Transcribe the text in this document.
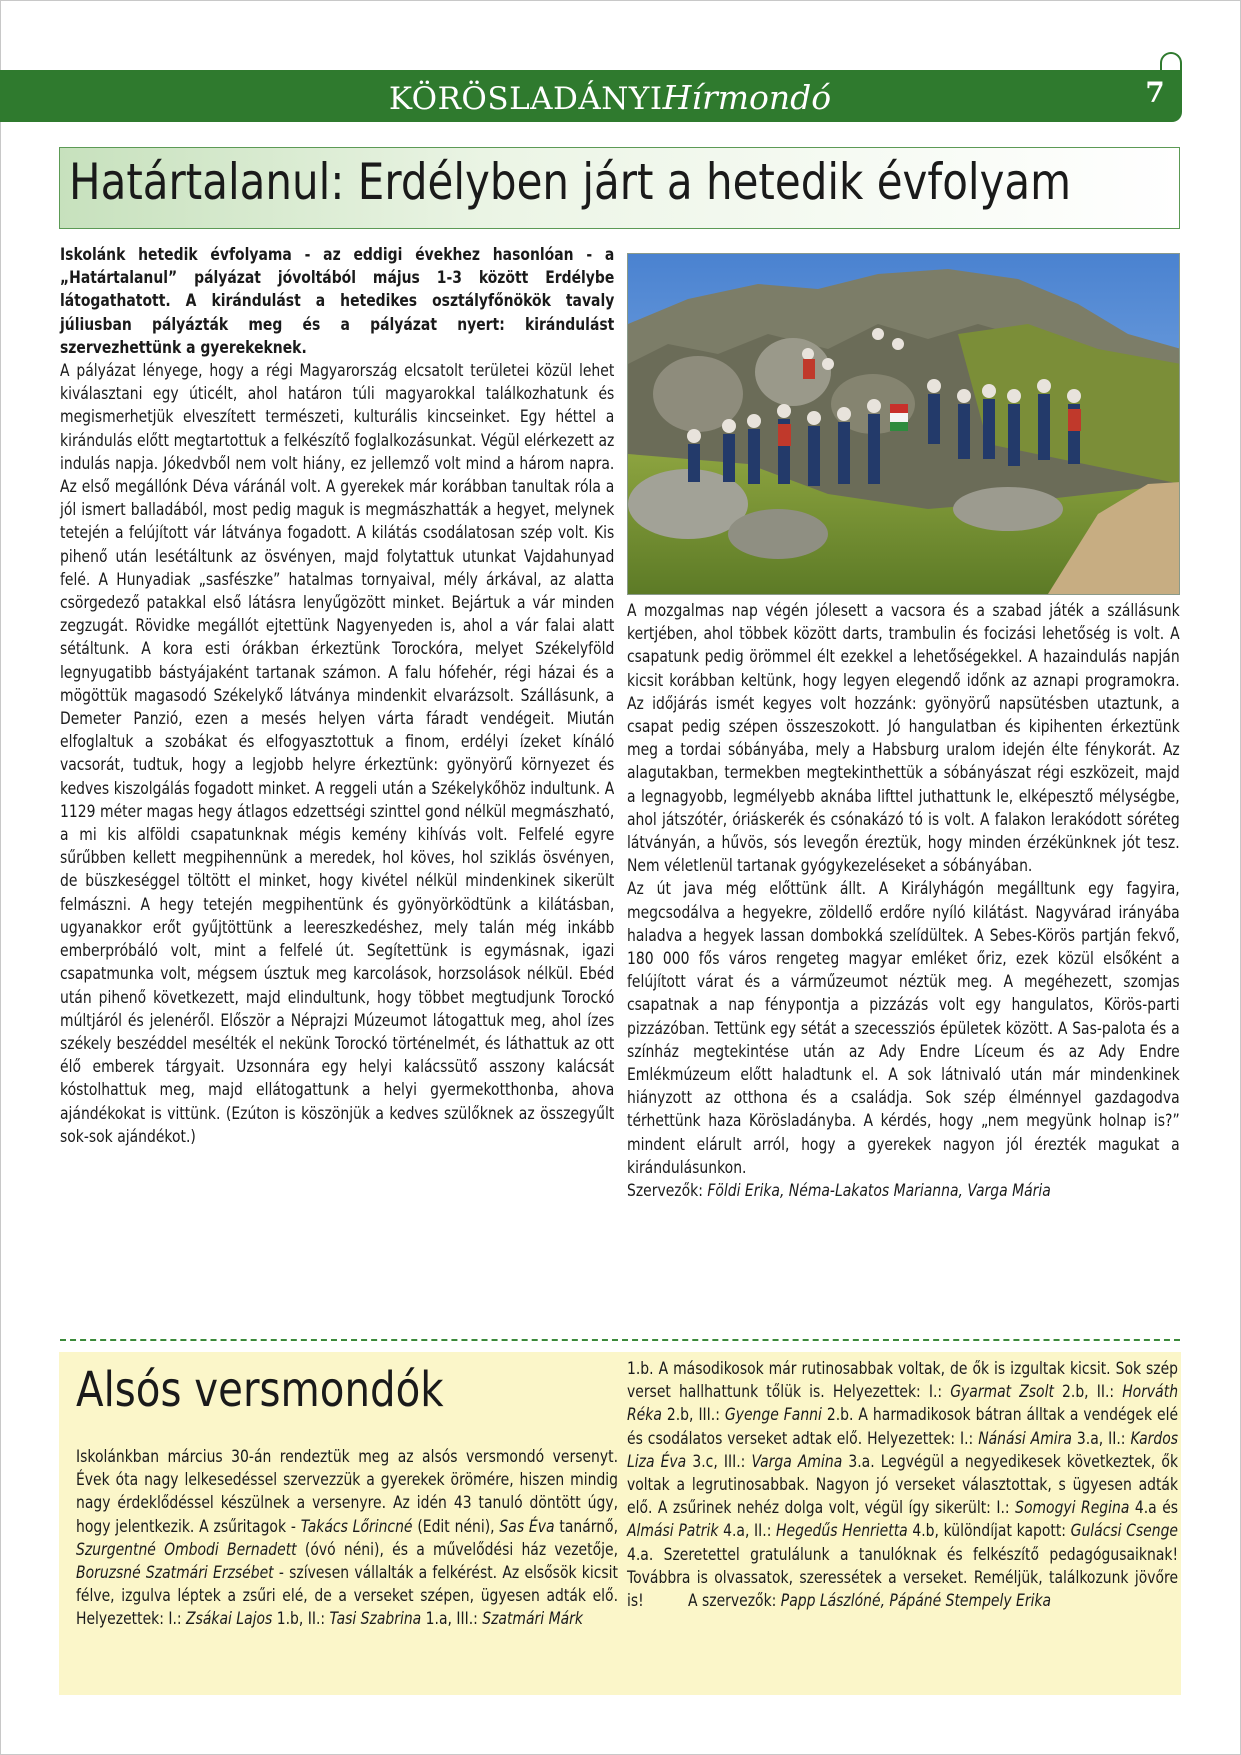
KÖRÖSLADÁNYIHírmondó	7
Határtalanul: Erdélyben járt a hetedik évfolyam

Iskolánk hetedik évfolyama - az eddigi évekhez hasonlóan - a „Határtalanul” pályázat jóvoltából május 1-3 között Erdélybe látogathatott. A kirándulást a hetedikes osztályfőnökök tavaly júliusban pályázták meg és a pályázat nyert: kirándulást szervezhettünk a gyerekeknek.

A pályázat lényege, hogy a régi Magyarország elcsatolt területei közül lehet kiválasztani egy úticélt, ahol határon túli magyarokkal találkozhatunk és megismerhetjük elveszített természeti, kulturális kincseinket. Egy héttel a kirándulás előtt megtartottuk a felkészítő foglalkozásunkat. Végül elérkezett az indulás napja. Jókedvből nem volt hiány, ez jellemző volt mind a három napra. Az első megállónk Déva váránál volt. A gyerekek már korábban tanultak róla a jól ismert balladából, most pedig maguk is megmászhatták a hegyet, melynek tetején a felújított vár látványa fogadott. A kilátás csodálatosan szép volt. Kis pihenő után lesétáltunk az ösvényen, majd folytattuk utunkat Vajdahunyad felé. A Hunyadiak „sasfészke” hatalmas tornyaival, mély árkával, az alatta csörgedező patakkal első látásra lenyűgözött minket. Bejártuk a vár minden zegzugát. Rövidke megállót ejtettünk Nagyenyeden is, ahol a vár falai alatt sétáltunk. A kora esti órákban érkeztünk Torockóra, melyet Székelyföld legnyugatibb bástyájaként tartanak számon. A falu hófehér, régi házai és a mögöttük magasodó Székelykő látványa mindenkit elvarázsolt. Szállásunk, a Demeter Panzió, ezen a mesés helyen várta fáradt vendégeit. Miután elfoglaltuk a szobákat és elfogyasztottuk a finom, erdélyi ízeket kínáló vacsorát, tudtuk, hogy a legjobb helyre érkeztünk: gyönyörű környezet és kedves kiszolgálás fogadott minket. A reggeli után a Székelykőhöz indultunk. A 1129 méter magas hegy átlagos edzettségi szinttel gond nélkül megmászható, a mi kis alföldi csapatunknak mégis kemény kihívás volt. Felfelé egyre sűrűbben kellett megpihennünk a meredek, hol köves, hol sziklás ösvényen, de büszkeséggel töltött el minket, hogy kivétel nélkül mindenkinek sikerült felmászni. A hegy tetején megpihentünk és gyönyörködtünk a kilátásban, ugyanakkor erőt gyűjtöttünk a leereszkedéshez, mely talán még inkább emberpróbáló volt, mint a felfelé út. Segítettünk is egymásnak, igazi csapatmunka volt, mégsem úsztuk meg karcolások, horzsolások nélkül. Ebéd után pihenő következett, majd elindultunk, hogy többet megtudjunk Torockó múltjáról és jelenéről. Először a Néprajzi Múzeumot látogattuk meg, ahol ízes székely beszéddel mesélték el nekünk Torockó történelmét, és láthattuk az ott élő emberek tárgyait. Uzsonnára egy helyi kalácssütő asszony kalácsát kóstolhattuk meg, majd ellátogattunk a helyi gyermekotthonba, ahova ajándékokat is vittünk. (Ezúton is köszönjük a kedves szülőknek az összegyűlt sok-sok ajándékot.)

A mozgalmas nap végén jólesett a vacsora és a szabad játék a szállásunk kertjében, ahol többek között darts, trambulin és focizási lehetőség is volt. A csapatunk pedig örömmel élt ezekkel a lehetőségekkel. A hazaindulás napján kicsit korábban keltünk, hogy legyen elegendő időnk az aznapi programokra. Az időjárás ismét kegyes volt hozzánk: gyönyörű napsütésben utaztunk, a csapat pedig szépen összeszokott. Jó hangulatban és kipihenten érkeztünk meg a tordai sóbányába, mely a Habsburg uralom idején élte fénykorát. Az alagutakban, termekben megtekinthettük a sóbányászat régi eszközeit, majd a legnagyobb, legmélyebb aknába lifttel juthattunk le, elképesztő mélységbe, ahol játszótér, óriáskerék és csónakázó tó is volt. A falakon lerakódott sóréteg látványán, a hűvös, sós levegőn éreztük, hogy minden érzékünknek jót tesz. Nem véletlenül tartanak gyógykezeléseket a sóbányában.

Az út java még előttünk állt. A Királyhágón megálltunk egy fagyira, megcsodálva a hegyekre, zöldellő erdőre nyíló kilátást. Nagyvárad irányába haladva a hegyek lassan dombokká szelídültek. A Sebes-Körös partján fekvő, 180 000 fős város rengeteg magyar emléket őriz, ezek közül elsőként a felújított várat és a várműzeumot néztük meg. A megéhezett, szomjas csapatnak a nap fénypontja a pizzázás volt egy hangulatos, Körös-parti pizzázóban. Tettünk egy sétát a szecessziós épületek között. A Sas-palota és a színház megtekintése után az Ady Endre Líceum és az Ady Endre Emlékmúzeum előtt haladtunk el. A sok látnivaló után már mindenkinek hiányzott az otthona és a családja. Sok szép élménnyel gazdagodva térhettünk haza Körösladányba. A kérdés, hogy „nem megyünk holnap is?” mindent elárult arról, hogy a gyerekek nagyon jól érezték magukat a kirándulásunkon.

Szervezők: Földi Erika, Néma-Lakatos Marianna, Varga Mária

Alsós versmondók

Iskolánkban március 30-án rendeztük meg az alsós versmondó versenyt. Évek óta nagy lelkesedéssel szervezzük a gyerekek örömére, hiszen mindig nagy érdeklődéssel készülnek a versenyre. Az idén 43 tanuló döntött úgy, hogy jelentkezik. A zsűritagok - Takács Lőrincné (Edit néni), Sas Éva tanárnő, Szurgentné Ombodi Bernadett (óvó néni), és a művelődési ház vezetője, Boruzsné Szatmári Erzsébet - szívesen vállalták a felkérést. Az elsősök kicsit félve, izgulva léptek a zsűri elé, de a verseket szépen, ügyesen adták elő. Helyezettek: I.: Zsákai Lajos 1.b, II.: Tasi Szabrina 1.a, III.: Szatmári Márk

1.b. A másodikosok már rutinosabbak voltak, de ők is izgultak kicsit. Sok szép verset hallhattunk tőlük is. Helyezettek: I.: Gyarmat Zsolt 2.b, II.: Horváth Réka 2.b, III.: Gyenge Fanni 2.b. A harmadikosok bátran álltak a vendégek elé és csodálatos verseket adtak elő. Helyezettek: I.: Nánási Amira 3.a, II.: Kardos Liza Éva 3.c, III.: Varga Amina 3.a. Legvégül a negyedikesek következtek, ők voltak a legrutinosabbak. Nagyon jó verseket választottak, s ügyesen adták elő. A zsűrinek nehéz dolga volt, végül így sikerült: I.: Somogyi Regina 4.a és Almási Patrik 4.a, II.: Hegedűs Henrietta 4.b, különdíjat kapott: Gulácsi Csenge 4.a. Szeretettel gratulálunk a tanulóknak és felkészítő pedagógusaiknak! Továbbra is olvassatok, szeressétek a verseket. Reméljük, találkozunk jövőre is!	A szervezők: Papp Lászlóné, Pápáné Stempely Erika
